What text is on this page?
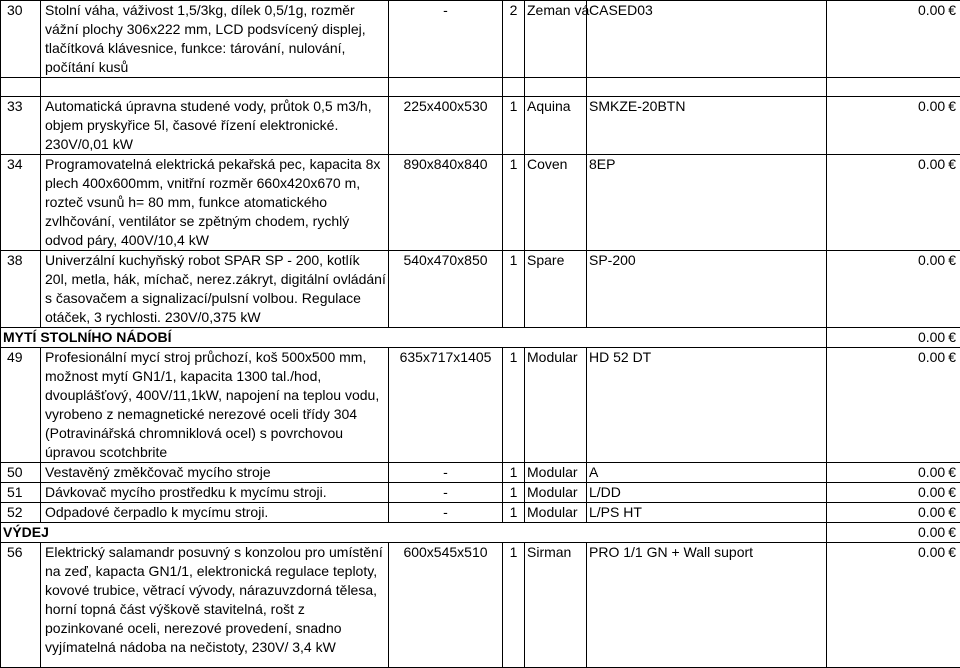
30	Stolní váha, váživost 1,5/3kg, dílek 0,5/1g, rozměr vážní plochy 306x222 mm, LCD podsvícený displej, tlačítková klávesnice, funkce: tárování, nulování, počítání kusů	-	2	Zeman vá	CASED03	0.00 €

33	Automatická úpravna studené vody, průtok 0,5 m3/h, objem pryskyřice 5l, časové řízení elektronické. 230V/0,01 kW	225x400x530	1	Aquina	SMKZE-20BTN	0.00 €
34	Programovatelná elektrická pekařská pec, kapacita 8x plech 400x600mm, vnitřní rozměr 660x420x670 m, rozteč vsunů h= 80 mm, funkce atomatického zvlhčování, ventilátor se zpětným chodem, rychlý odvod páry, 400V/10,4 kW	890x840x840	1	Coven	8EP	0.00 €
38	Univerzální kuchyňský robot SPAR SP - 200, kotlík 20l, metla, hák, míchač, nerez.zákryt, digitální ovládání s časovačem a signalizací/pulsní volbou. Regulace otáček, 3 rychlosti. 230V/0,375 kW	540x470x850	1	Spare	SP-200	0.00 €
MYTÍ STOLNÍHO NÁDOBÍ						0.00 €
49	Profesionální mycí stroj průchozí, koš 500x500 mm, možnost mytí GN1/1, kapacita 1300 tal./hod, dvouplášťový, 400V/11,1kW, napojení na teplou vodu, vyrobeno z nemagnetické nerezové oceli třídy 304 (Potravinářská chromniklová ocel) s povrchovou úpravou scotchbrite	635x717x1405	1	Modular	HD 52 DT	0.00 €
50	Vestavěný změkčovač mycího stroje	-	1	Modular	A	0.00 €
51	Dávkovač mycího prostředku k mycímu stroji.	-	1	Modular	L/DD	0.00 €
52	Odpadové čerpadlo k mycímu stroji.	-	1	Modular	L/PS HT	0.00 €
VÝDEJ						0.00 €
56	Elektrický salamandr posuvný s konzolou pro umístění na zeď, kapacta GN1/1, elektronická regulace teploty, kovové trubice, větrací vývody, nárazuvzdorná tělesa, horní topná část výškově stavitelná, rošt z pozinkované oceli, nerezové provedení, snadno vyjímatelná nádoba na nečistoty, 230V/ 3,4 kW	600x545x510	1	Sirman	PRO 1/1 GN + Wall suport	0.00 €
